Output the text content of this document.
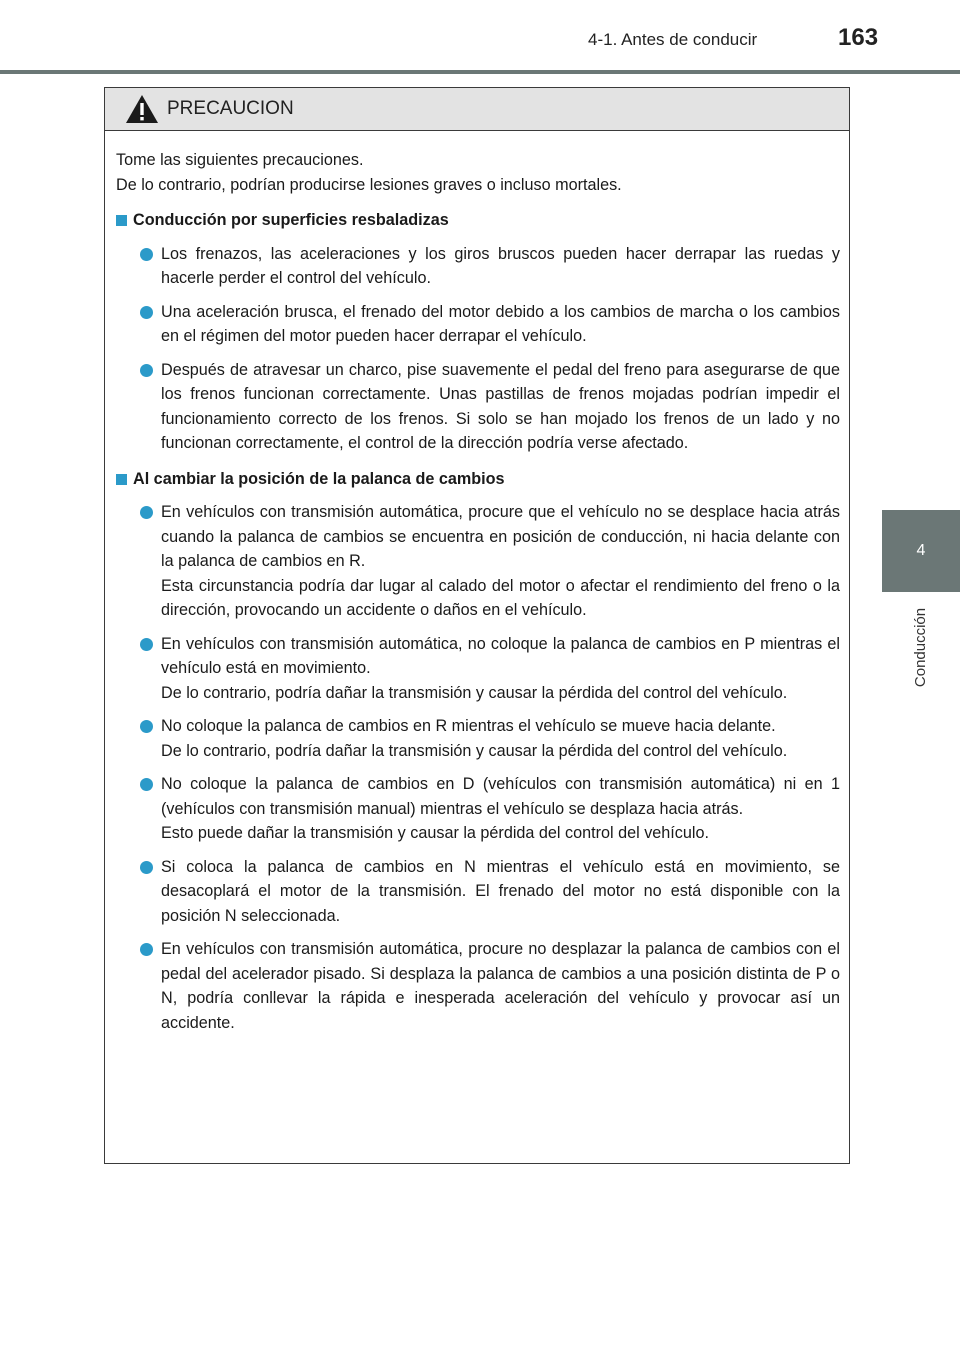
4-1. Antes de conducir	163
4
Conducción
PRECAUCION

Tome las siguientes precauciones.

De lo contrario, podrían producirse lesiones graves o incluso mortales.

Conducción por superficies resbaladizas

Los frenazos, las aceleraciones y los giros bruscos pueden hacer derrapar las ruedas y hacerle perder el control del vehículo.

Una aceleración brusca, el frenado del motor debido a los cambios de marcha o los cambios en el régimen del motor pueden hacer derrapar el vehículo.

Después de atravesar un charco, pise suavemente el pedal del freno para asegurarse de que los frenos funcionan correctamente. Unas pastillas de frenos mojadas podrían impedir el funcionamiento correcto de los frenos. Si solo se han mojado los frenos de un lado y no funcionan correctamente, el control de la dirección podría verse afectado.

Al cambiar la posición de la palanca de cambios

En vehículos con transmisión automática, procure que el vehículo no se desplace hacia atrás cuando la palanca de cambios se encuentra en posición de conducción, ni hacia delante con la palanca de cambios en R.

Esta circunstancia podría dar lugar al calado del motor o afectar el rendimiento del freno o la dirección, provocando un accidente o daños en el vehículo.

En vehículos con transmisión automática, no coloque la palanca de cambios en P mientras el vehículo está en movimiento.

De lo contrario, podría dañar la transmisión y causar la pérdida del control del vehículo.

No coloque la palanca de cambios en R mientras el vehículo se mueve hacia delante.

De lo contrario, podría dañar la transmisión y causar la pérdida del control del vehículo.

No coloque la palanca de cambios en D (vehículos con transmisión automática) ni en 1 (vehículos con transmisión manual) mientras el vehículo se desplaza hacia atrás.

Esto puede dañar la transmisión y causar la pérdida del control del vehículo.

Si coloca la palanca de cambios en N mientras el vehículo está en movimiento, se desacoplará el motor de la transmisión. El frenado del motor no está disponible con la posición N seleccionada.

En vehículos con transmisión automática, procure no desplazar la palanca de cambios con el pedal del acelerador pisado. Si desplaza la palanca de cambios a una posición distinta de P o N, podría conllevar la rápida e inesperada aceleración del vehículo y provocar así un accidente.
